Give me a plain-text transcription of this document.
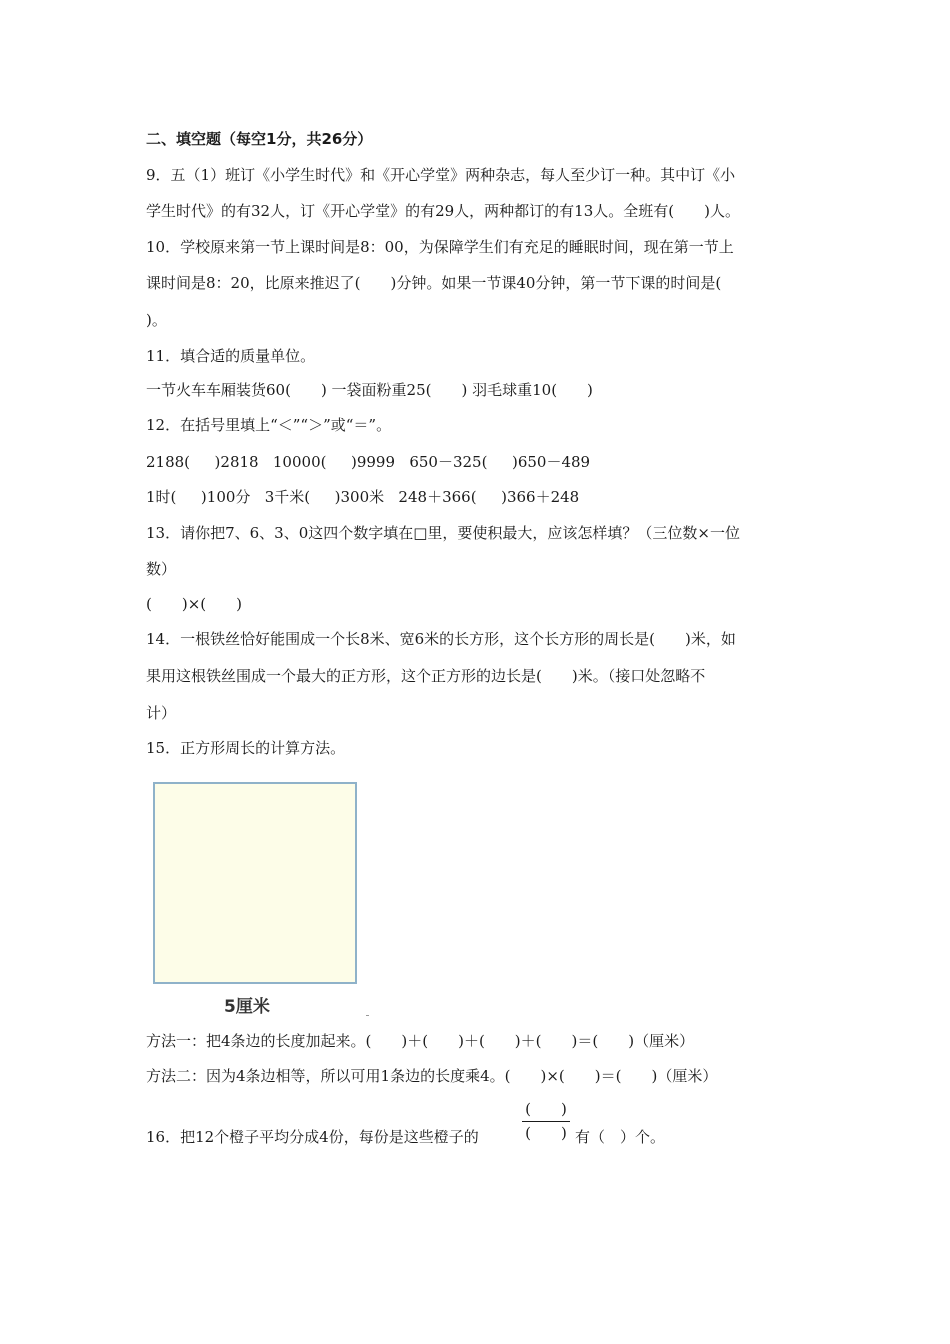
二、填空题（每空1分，共26分）
9．五（1）班订《小学生时代》和《开心学堂》两种杂志，每人至少订一种。其中订《小
学生时代》的有32人，订《开心学堂》的有29人，两种都订的有13人。全班有(　　)人。
10．学校原来第一节上课时间是8：00，为保障学生们有充足的睡眠时间，现在第一节上
课时间是8：20，比原来推迟了(　　)分钟。如果一节课40分钟，第一节下课的时间是(
)。
11．填合适的质量单位。
一节火车车厢装货60(　　) 一袋面粉重25(　　) 羽毛球重10(　　)
12．在括号里填上“＜”“＞”或“＝”。
2188(　  )2818   10000(　  )9999   650－325(　  )650－489
1时(　  )100分   3千米(　  )300米   248＋366(　  )366＋248
13．请你把7、6、3、0这四个数字填在□里，要使积最大，应该怎样填？（三位数×一位
数）
(　　)×(　　)
14．一根铁丝恰好能围成一个长8米、宽6米的长方形，这个长方形的周长是(　　)米，如
果用这根铁丝围成一个最大的正方形，这个正方形的边长是(　　)米。（接口处忽略不
计）
15．正方形周长的计算方法。
5厘米
方法一：把4条边的长度加起来。(　　)＋(　　)＋(　　)＋(　　)＝(　　)（厘米）
方法二：因为4条边相等，所以可用1条边的长度乘4。(　　)×(　　)＝(　　)（厘米）
16．把12个橙子平均分成4份，每份是这些橙子的
(　　)
(　　) 有（　）个。
